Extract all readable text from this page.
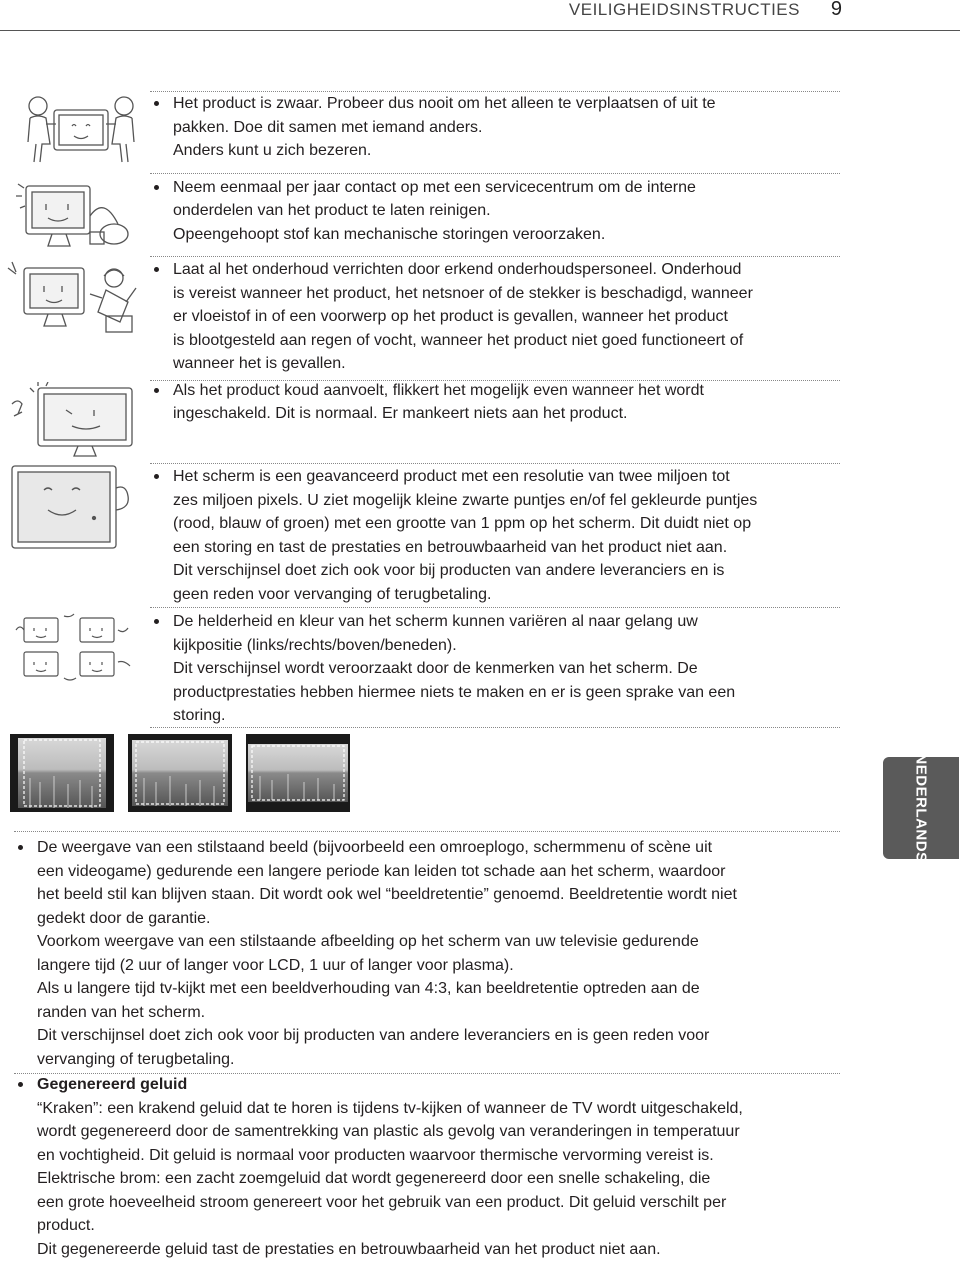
VEILIGHEIDSINSTRUCTIES 9

Het product is zwaar. Probeer dus nooit om het alleen te verplaatsen of uit te

pakken. Doe dit samen met iemand anders.

Anders kunt u zich bezeren.

Neem eenmaal per jaar contact op met een servicecentrum om de interne

onderdelen van het product te laten reinigen.

Opeengehoopt stof kan mechanische storingen veroorzaken.

Laat al het onderhoud verrichten door erkend onderhoudspersoneel. Onderhoud

is vereist wanneer het product, het netsnoer of de stekker is beschadigd, wanneer

er vloeistof in of een voorwerp op het product is gevallen, wanneer het product

is blootgesteld aan regen of vocht, wanneer het product niet goed functioneert of

wanneer het is gevallen.

Als het product koud aanvoelt, flikkert het mogelijk even wanneer het wordt

ingeschakeld. Dit is normaal. Er mankeert niets aan het product.

Het scherm is een geavanceerd product met een resolutie van twee miljoen tot

zes miljoen pixels. U ziet mogelijk kleine zwarte puntjes en/of fel gekleurde puntjes

(rood, blauw of groen) met een grootte van 1 ppm op het scherm. Dit duidt niet op

een storing en tast de prestaties en betrouwbaarheid van het product niet aan.

Dit verschijnsel doet zich ook voor bij producten van andere leveranciers en is

geen reden voor vervanging of terugbetaling.

De helderheid en kleur van het scherm kunnen variëren al naar gelang uw

kijkpositie (links/rechts/boven/beneden).

Dit verschijnsel wordt veroorzaakt door de kenmerken van het scherm. De

productprestaties hebben hiermee niets te maken en er is geen sprake van een

storing.

De weergave van een stilstaand beeld (bijvoorbeeld een omroeplogo, schermmenu of scène uit

een videogame) gedurende een langere periode kan leiden tot schade aan het scherm, waardoor

het beeld stil kan blijven staan. Dit wordt ook wel “beeldretentie” genoemd. Beeldretentie wordt niet

gedekt door de garantie.

Voorkom weergave van een stilstaande afbeelding op het scherm van uw televisie gedurende

langere tijd (2 uur of langer voor LCD, 1 uur of langer voor plasma).

Als u langere tijd tv-kijkt met een beeldverhouding van 4:3, kan beeldretentie optreden aan de

randen van het scherm.

Dit verschijnsel doet zich ook voor bij producten van andere leveranciers en is geen reden voor

vervanging of terugbetaling.

Gegenereerd geluid

“Kraken”: een krakend geluid dat te horen is tijdens tv-kijken of wanneer de TV wordt uitgeschakeld,

wordt gegenereerd door de samentrekking van plastic als gevolg van veranderingen in temperatuur

en vochtigheid. Dit geluid is normaal voor producten waarvoor thermische vervorming vereist is.

Elektrische brom: een zacht zoemgeluid dat wordt gegenereerd door een snelle schakeling, die

een grote hoeveelheid stroom genereert voor het gebruik van een product. Dit geluid verschilt per

product.

Dit gegenereerde geluid tast de prestaties en betrouwbaarheid van het product niet aan.

NEDERLANDS
